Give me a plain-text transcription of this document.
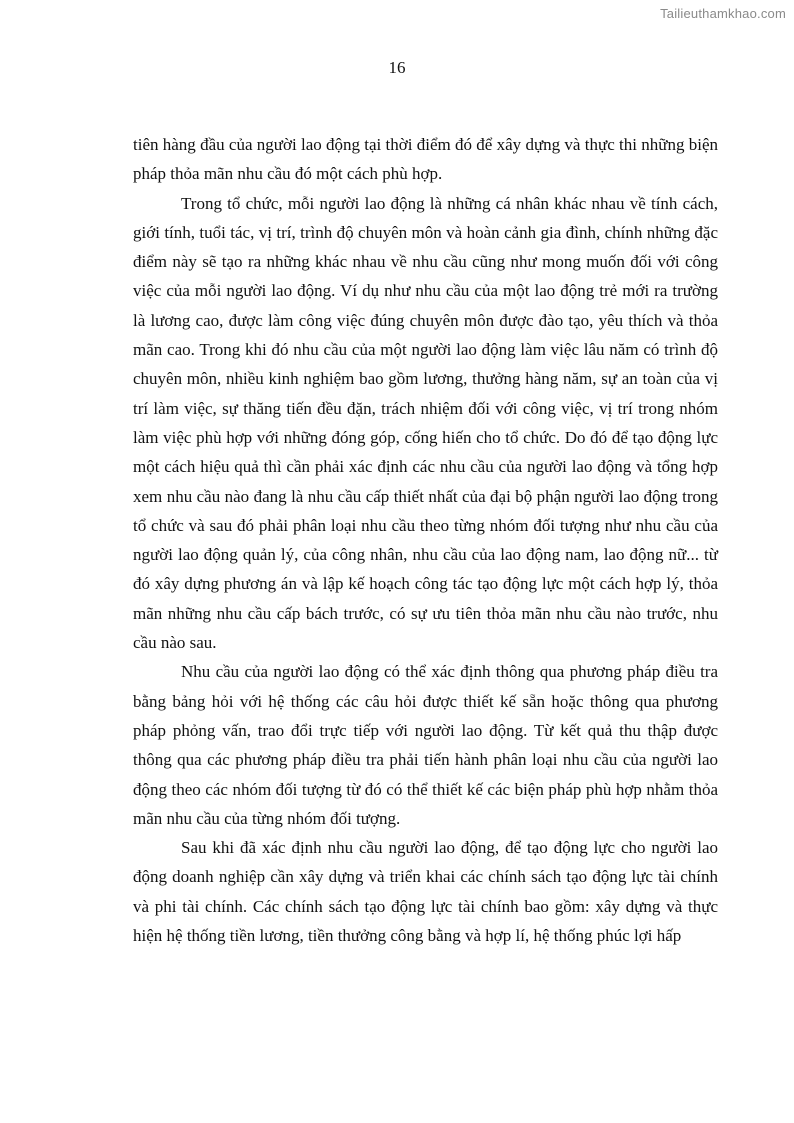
Tailieuthamkhao.com
16

tiên hàng đầu của người lao động tại thời điểm đó để xây dựng và thực thi những biện pháp thỏa mãn nhu cầu đó một cách phù hợp.

Trong tổ chức, mỗi người lao động là những cá nhân khác nhau về tính cách, giới tính, tuổi tác, vị trí, trình độ chuyên môn và hoàn cảnh gia đình, chính những đặc điểm này sẽ tạo ra những khác nhau về nhu cầu cũng như mong muốn đối với công việc của mỗi người lao động. Ví dụ như nhu cầu của một lao động trẻ mới ra trường là lương cao, được làm công việc đúng chuyên môn được đào tạo, yêu thích và thỏa mãn cao. Trong khi đó nhu cầu của một người lao động làm việc lâu năm có trình độ chuyên môn, nhiều kinh nghiệm bao gồm lương, thưởng hàng năm, sự an toàn của vị trí làm việc, sự thăng tiến đều đặn, trách nhiệm đối với công việc, vị trí trong nhóm làm việc phù hợp với những đóng góp, cống hiến cho tổ chức. Do đó để tạo động lực một cách hiệu quả thì cần phải xác định các nhu cầu của người lao động và tổng hợp xem nhu cầu nào đang là nhu cầu cấp thiết nhất của đại bộ phận người lao động trong tổ chức và sau đó phải phân loại nhu cầu theo từng nhóm đối tượng như nhu cầu của người lao động quản lý, của công nhân, nhu cầu của lao động nam, lao động nữ... từ đó xây dựng phương án và lập kế hoạch công tác tạo động lực một cách hợp lý, thỏa mãn những nhu cầu cấp bách trước, có sự ưu tiên thỏa mãn nhu cầu nào trước, nhu cầu nào sau.

Nhu cầu của người lao động có thể xác định thông qua phương pháp điều tra bằng bảng hỏi với hệ thống các câu hỏi được thiết kế sẵn hoặc thông qua phương pháp phỏng vấn, trao đổi trực tiếp với người lao động. Từ kết quả thu thập được thông qua các phương pháp điều tra phải tiến hành phân loại nhu cầu của người lao động theo các nhóm đối tượng từ đó có thể thiết kế các biện pháp phù hợp nhằm thỏa mãn nhu cầu của từng nhóm đối tượng.

Sau khi đã xác định nhu cầu người lao động, để tạo động lực cho người lao động doanh nghiệp cần xây dựng và triển khai các chính sách tạo động lực tài chính và phi tài chính. Các chính sách tạo động lực tài chính bao gồm: xây dựng và thực hiện hệ thống tiền lương, tiền thưởng công bằng và hợp lí, hệ thống phúc lợi hấp
